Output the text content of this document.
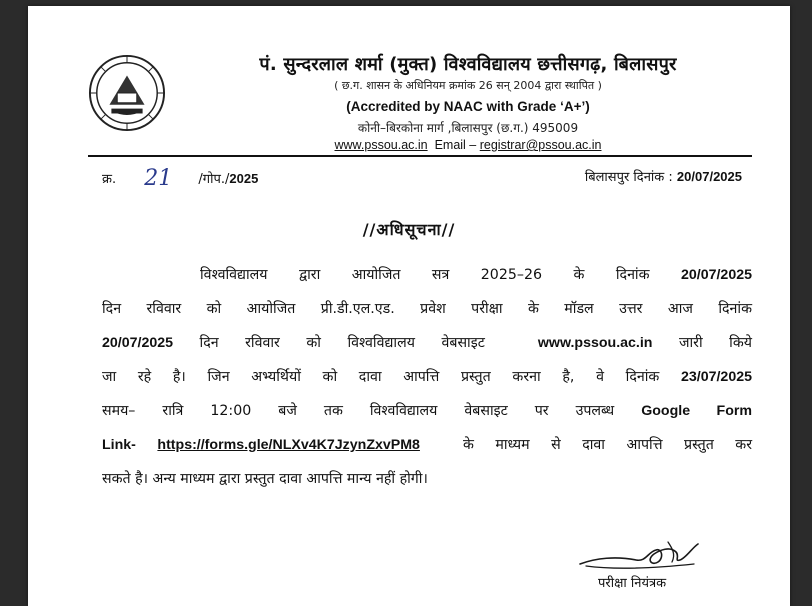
पं. सुन्दरलाल शर्मा (मुक्त) विश्वविद्यालय छत्तीसगढ़, बिलासपुर
( छ.ग. शासन के अधिनियम क्रमांक 26 सन् 2004 द्वारा स्थापित )
(Accredited by NAAC with Grade ‘A+’)
कोनी–बिरकोना मार्ग ,बिलासपुर (छ.ग.) 495009
www.pssou.ac.in Email – registrar@pssou.ac.in
क्र. 21 /गोप./2025	बिलासपुर दिनांक : 20/07/2025
//अधिसूचना//
विश्वविद्यालय द्वारा आयोजित सत्र 2025–26 के दिनांक 20/07/2025
दिन रविवार को आयोजित प्री.डी.एल.एड. प्रवेश परीक्षा के मॉडल उत्तर आज दिनांक
20/07/2025 दिन रविवार को विश्वविद्यालय वेबसाइट	www.pssou.ac.in जारी किये
जा रहे है। जिन अभ्यर्थियों को दावा आपत्ति प्रस्तुत करना है, वे दिनांक 23/07/2025
समय– रात्रि 12:00 बजे तक विश्वविद्यालय वेबसाइट पर उपलब्ध Google Form
Link- https://forms.gle/NLXv4K7JzynZxvPM8	के माध्यम से दावा आपत्ति प्रस्तुत कर
सकते है। अन्य माध्यम द्वारा प्रस्तुत दावा आपत्ति मान्य नहीं होगी।
परीक्षा नियंत्रक
